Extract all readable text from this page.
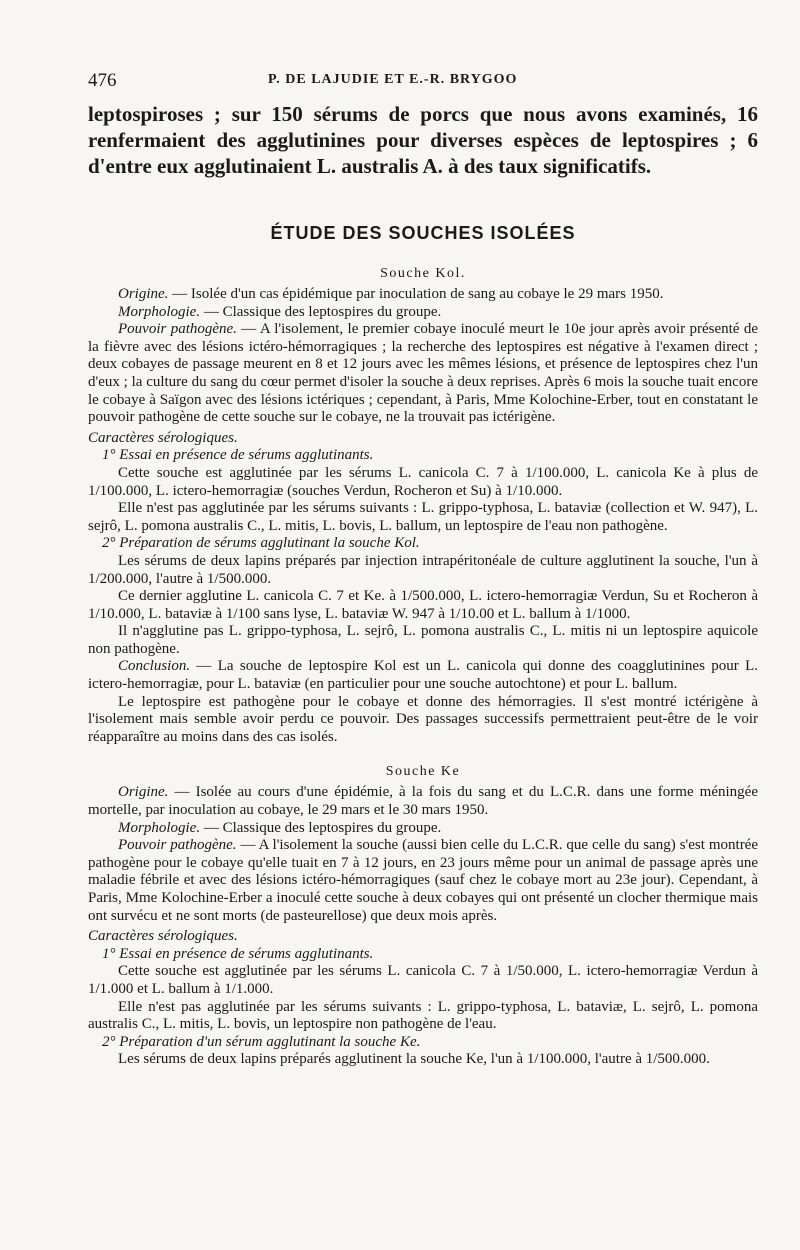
476	P. DE LAJUDIE ET E.-R. BRYGOO

leptospiroses ; sur 150 sérums de porcs que nous avons examinés, 16 renfermaient des agglutinines pour diverses espèces de leptospires ; 6 d'entre eux agglutinaient L. australis A. à des taux significatifs.

ÉTUDE DES SOUCHES ISOLÉES
Souche Kol.

Origine. — Isolée d'un cas épidémique par inoculation de sang au cobaye le 29 mars 1950.

Morphologie. — Classique des leptospires du groupe.

Pouvoir pathogène. — A l'isolement, le premier cobaye inoculé meurt le 10e jour après avoir présenté de la fièvre avec des lésions ictéro-hémorragiques ; la recherche des leptospires est négative à l'examen direct ; deux cobayes de passage meurent en 8 et 12 jours avec les mêmes lésions, et présence de leptospires chez l'un d'eux ; la culture du sang du cœur permet d'isoler la souche à deux reprises. Après 6 mois la souche tuait encore le cobaye à Saïgon avec des lésions ictériques ; cependant, à Paris, Mme Kolochine-Erber, tout en constatant le pouvoir pathogène de cette souche sur le cobaye, ne la trouvait pas ictérigène.

Caractères sérologiques.

1° Essai en présence de sérums agglutinants.

Cette souche est agglutinée par les sérums L. canicola C. 7 à 1/100.000, L. canicola Ke à plus de 1/100.000, L. ictero-hemorragiæ (souches Verdun, Rocheron et Su) à 1/10.000.

Elle n'est pas agglutinée par les sérums suivants : L. grippo-typhosa, L. bataviæ (collection et W. 947), L. sejrô, L. pomona australis C., L. mitis, L. bovis, L. ballum, un leptospire de l'eau non pathogène.

2° Préparation de sérums agglutinant la souche Kol.

Les sérums de deux lapins préparés par injection intrapéritonéale de culture agglutinent la souche, l'un à 1/200.000, l'autre à 1/500.000.

Ce dernier agglutine L. canicola C. 7 et Ke. à 1/500.000, L. ictero-hemorragiæ Verdun, Su et Rocheron à 1/10.000, L. bataviæ à 1/100 sans lyse, L. bataviæ W. 947 à 1/10.00 et L. ballum à 1/1000.

Il n'agglutine pas L. grippo-typhosa, L. sejrô, L. pomona australis C., L. mitis ni un leptospire aquicole non pathogène.

Conclusion. — La souche de leptospire Kol est un L. canicola qui donne des coagglutinines pour L. ictero-hemorragiæ, pour L. bataviæ (en particulier pour une souche autochtone) et pour L. ballum.

Le leptospire est pathogène pour le cobaye et donne des hémorragies. Il s'est montré ictérigène à l'isolement mais semble avoir perdu ce pouvoir. Des passages successifs permettraient peut-être de le voir réapparaître au moins dans des cas isolés.

Souche Ke

Origine. — Isolée au cours d'une épidémie, à la fois du sang et du L.C.R. dans une forme méningée mortelle, par inoculation au cobaye, le 29 mars et le 30 mars 1950.

Morphologie. — Classique des leptospires du groupe.

Pouvoir pathogène. — A l'isolement la souche (aussi bien celle du L.C.R. que celle du sang) s'est montrée pathogène pour le cobaye qu'elle tuait en 7 à 12 jours, en 23 jours même pour un animal de passage après une maladie fébrile et avec des lésions ictéro-hémorragiques (sauf chez le cobaye mort au 23e jour). Cependant, à Paris, Mme Kolochine-Erber a inoculé cette souche à deux cobayes qui ont présenté un clocher thermique mais ont survécu et ne sont morts (de pasteurellose) que deux mois après.

Caractères sérologiques.

1° Essai en présence de sérums agglutinants.

Cette souche est agglutinée par les sérums L. canicola C. 7 à 1/50.000, L. ictero-hemorragiæ Verdun à 1/1.000 et L. ballum à 1/1.000.

Elle n'est pas agglutinée par les sérums suivants : L. grippo-typhosa, L. bataviæ, L. sejrô, L. pomona australis C., L. mitis, L. bovis, un leptospire non pathogène de l'eau.

2° Préparation d'un sérum agglutinant la souche Ke.

Les sérums de deux lapins préparés agglutinent la souche Ke, l'un à 1/100.000, l'autre à 1/500.000.
